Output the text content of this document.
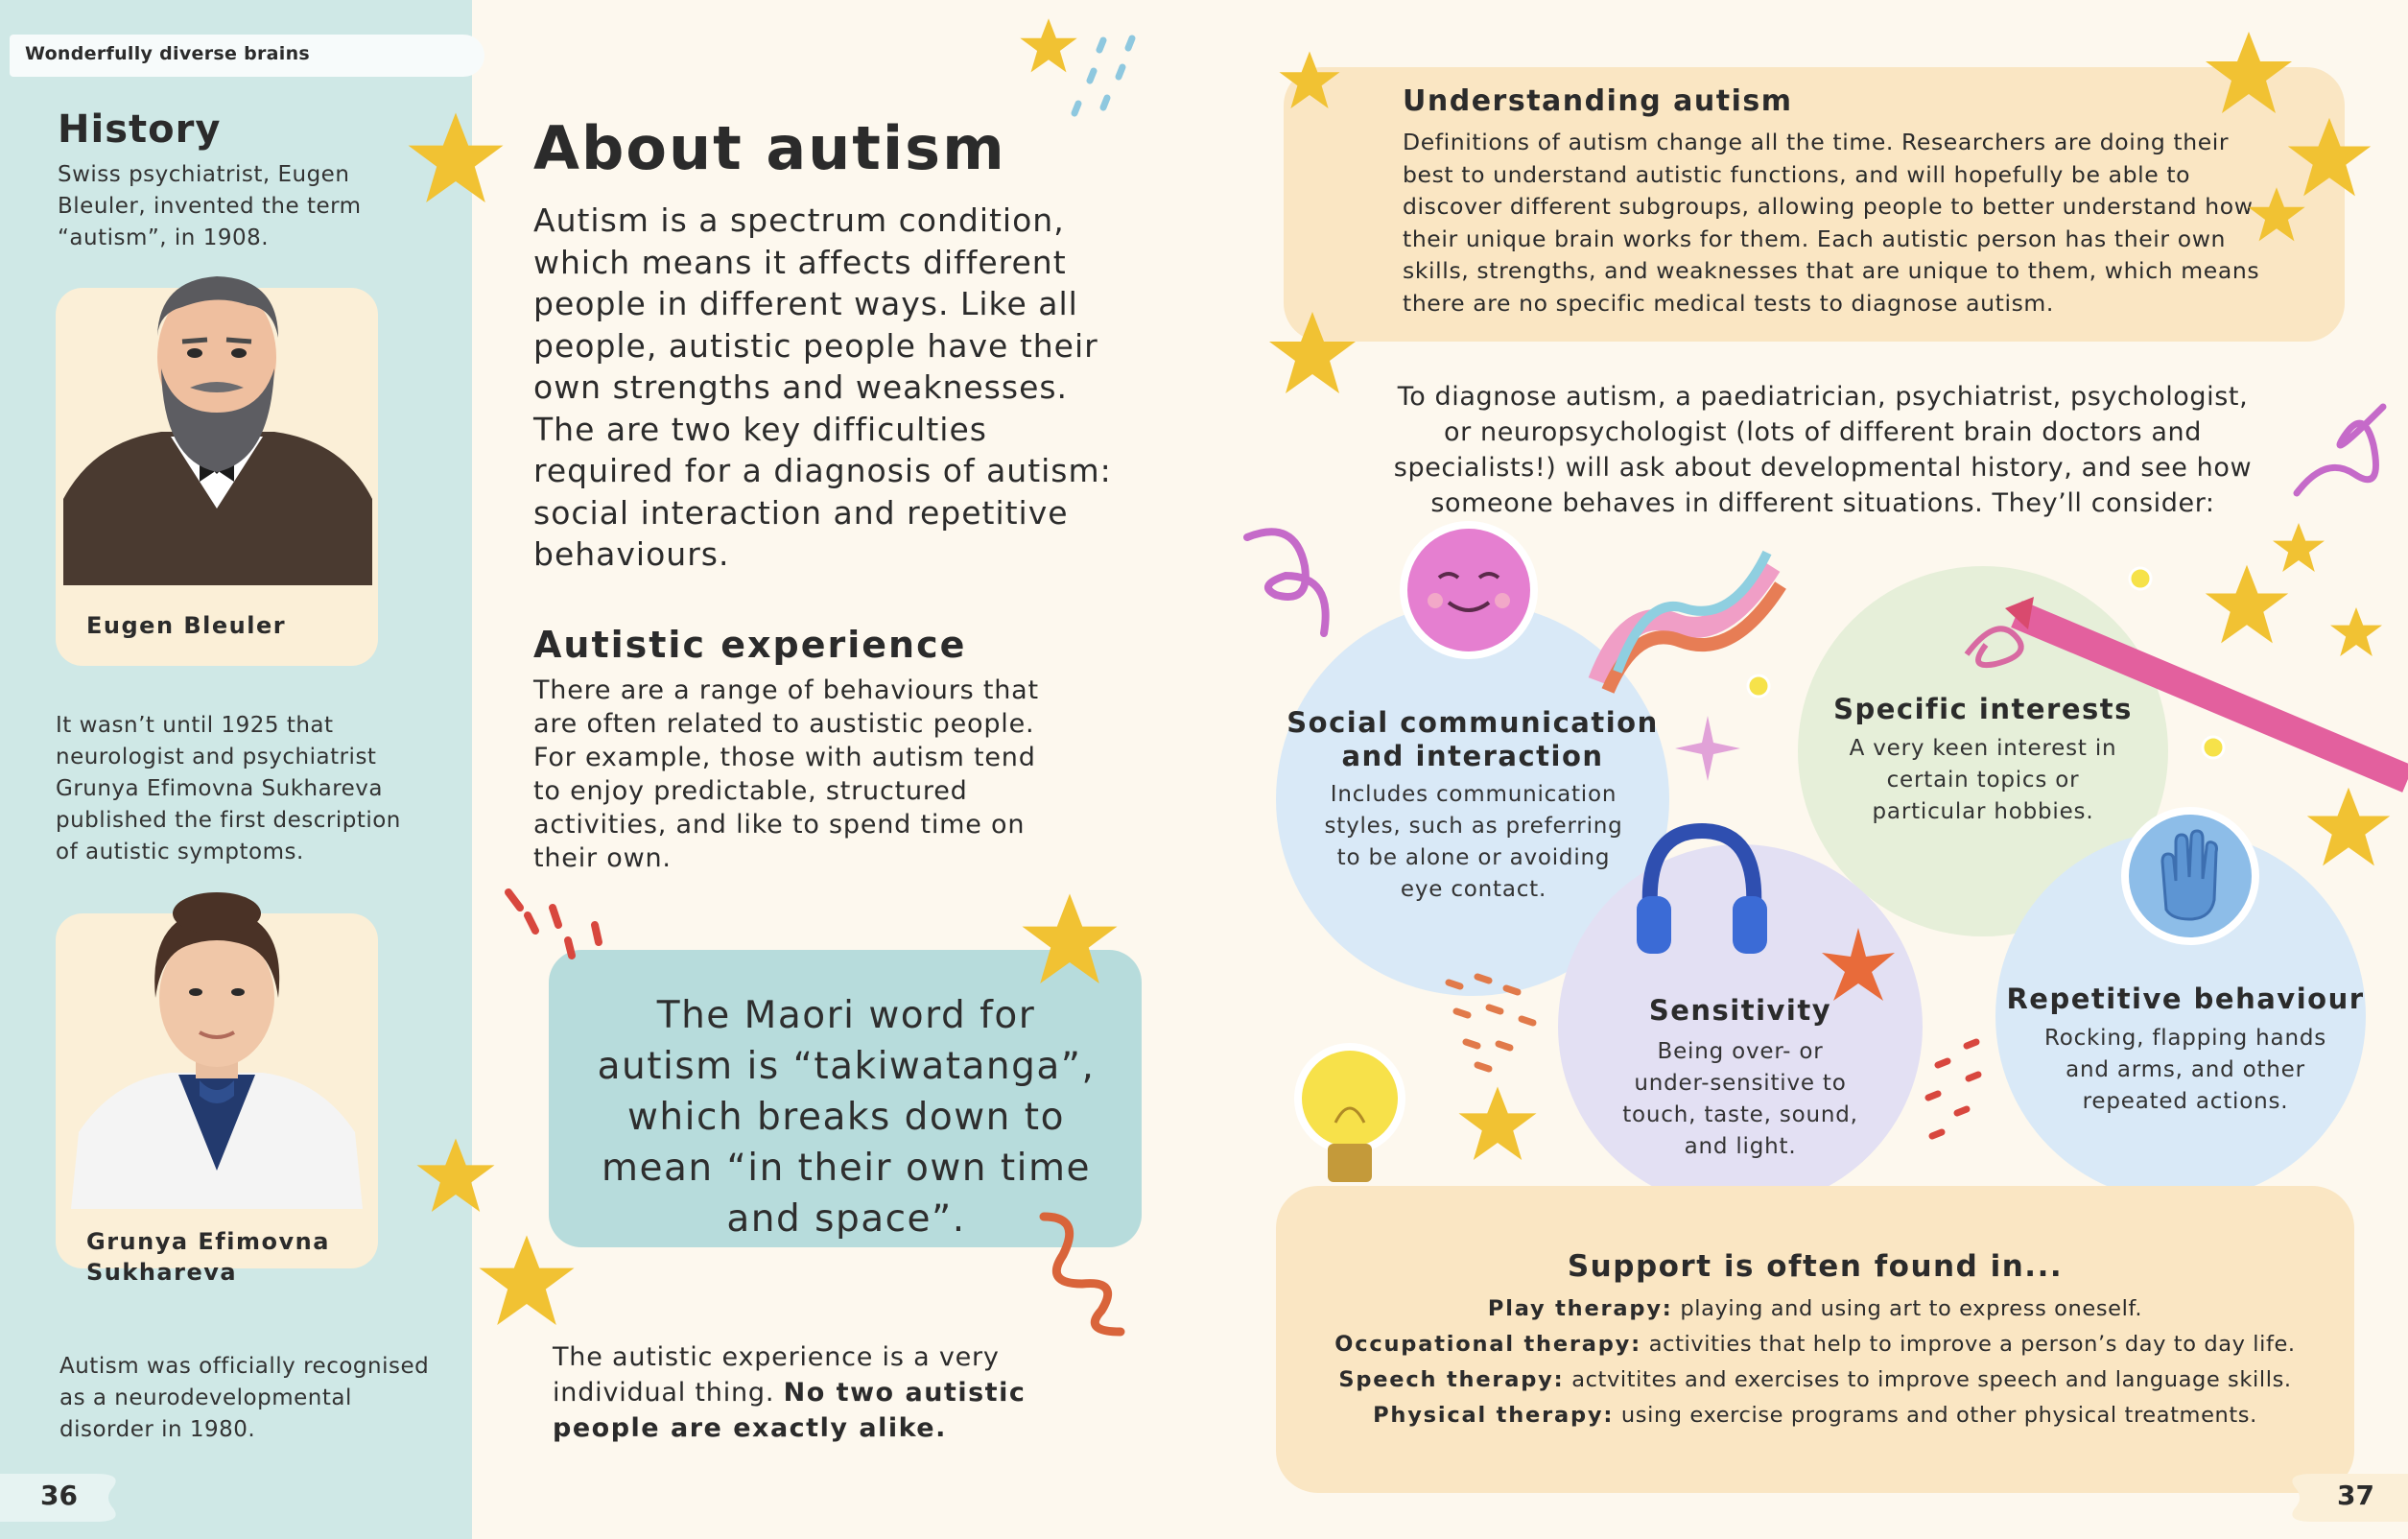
Wonderfully diverse brains
History
Swiss psychiatrist, Eugen Bleuler, invented the term “autism”, in 1908.
Eugen Bleuler
It wasn’t until 1925 that neurologist and psychiatrist Grunya Efimovna Sukhareva published the first description of autistic symptoms.
Grunya Efimovna
Sukhareva
Autism was officially recognised as a neurodevelopmental disorder in 1980.
36
About autism
Autism is a spectrum condition, which means it affects different people in different ways. Like all people, autistic people have their own strengths and weaknesses. The are two key difficulties required for a diagnosis of autism: social interaction and repetitive behaviours.
Autistic experience
There are a range of behaviours that are often related to austistic people. For example, those with autism tend to enjoy predictable, structured activities, and like to spend time on their own.
The Maori word for autism is “takiwatanga”, which breaks down to mean “in their own time and space”.
The autistic experience is a very individual thing. No two autistic people are exactly alike.
Understanding autism
Definitions of autism change all the time. Researchers are doing their best to understand autistic functions, and will hopefully be able to discover different subgroups, allowing people to better understand how their unique brain works for them. Each autistic person has their own skills, strengths, and weaknesses that are unique to them, which means there are no specific medical tests to diagnose autism.
To diagnose autism, a paediatrician, psychiatrist, psychologist, or neuropsychologist (lots of different brain doctors and specialists!) will ask about developmental history, and see how someone behaves in different situations. They’ll consider:
Social communication and interaction
Includes communication styles, such as preferring to be alone or avoiding eye contact.
Specific interests
A very keen interest in certain topics or particular hobbies.
Sensitivity
Being over- or under-sensitive to touch, taste, sound, and light.
Repetitive behaviour
Rocking, flapping hands and arms, and other repeated actions.
Support is often found in...
Play therapy: playing and using art to express oneself.
Occupational therapy: activities that help to improve a person’s day to day life.
Speech therapy: actvitites and exercises to improve speech and language skills.
Physical therapy: using exercise programs and other physical treatments.
37
